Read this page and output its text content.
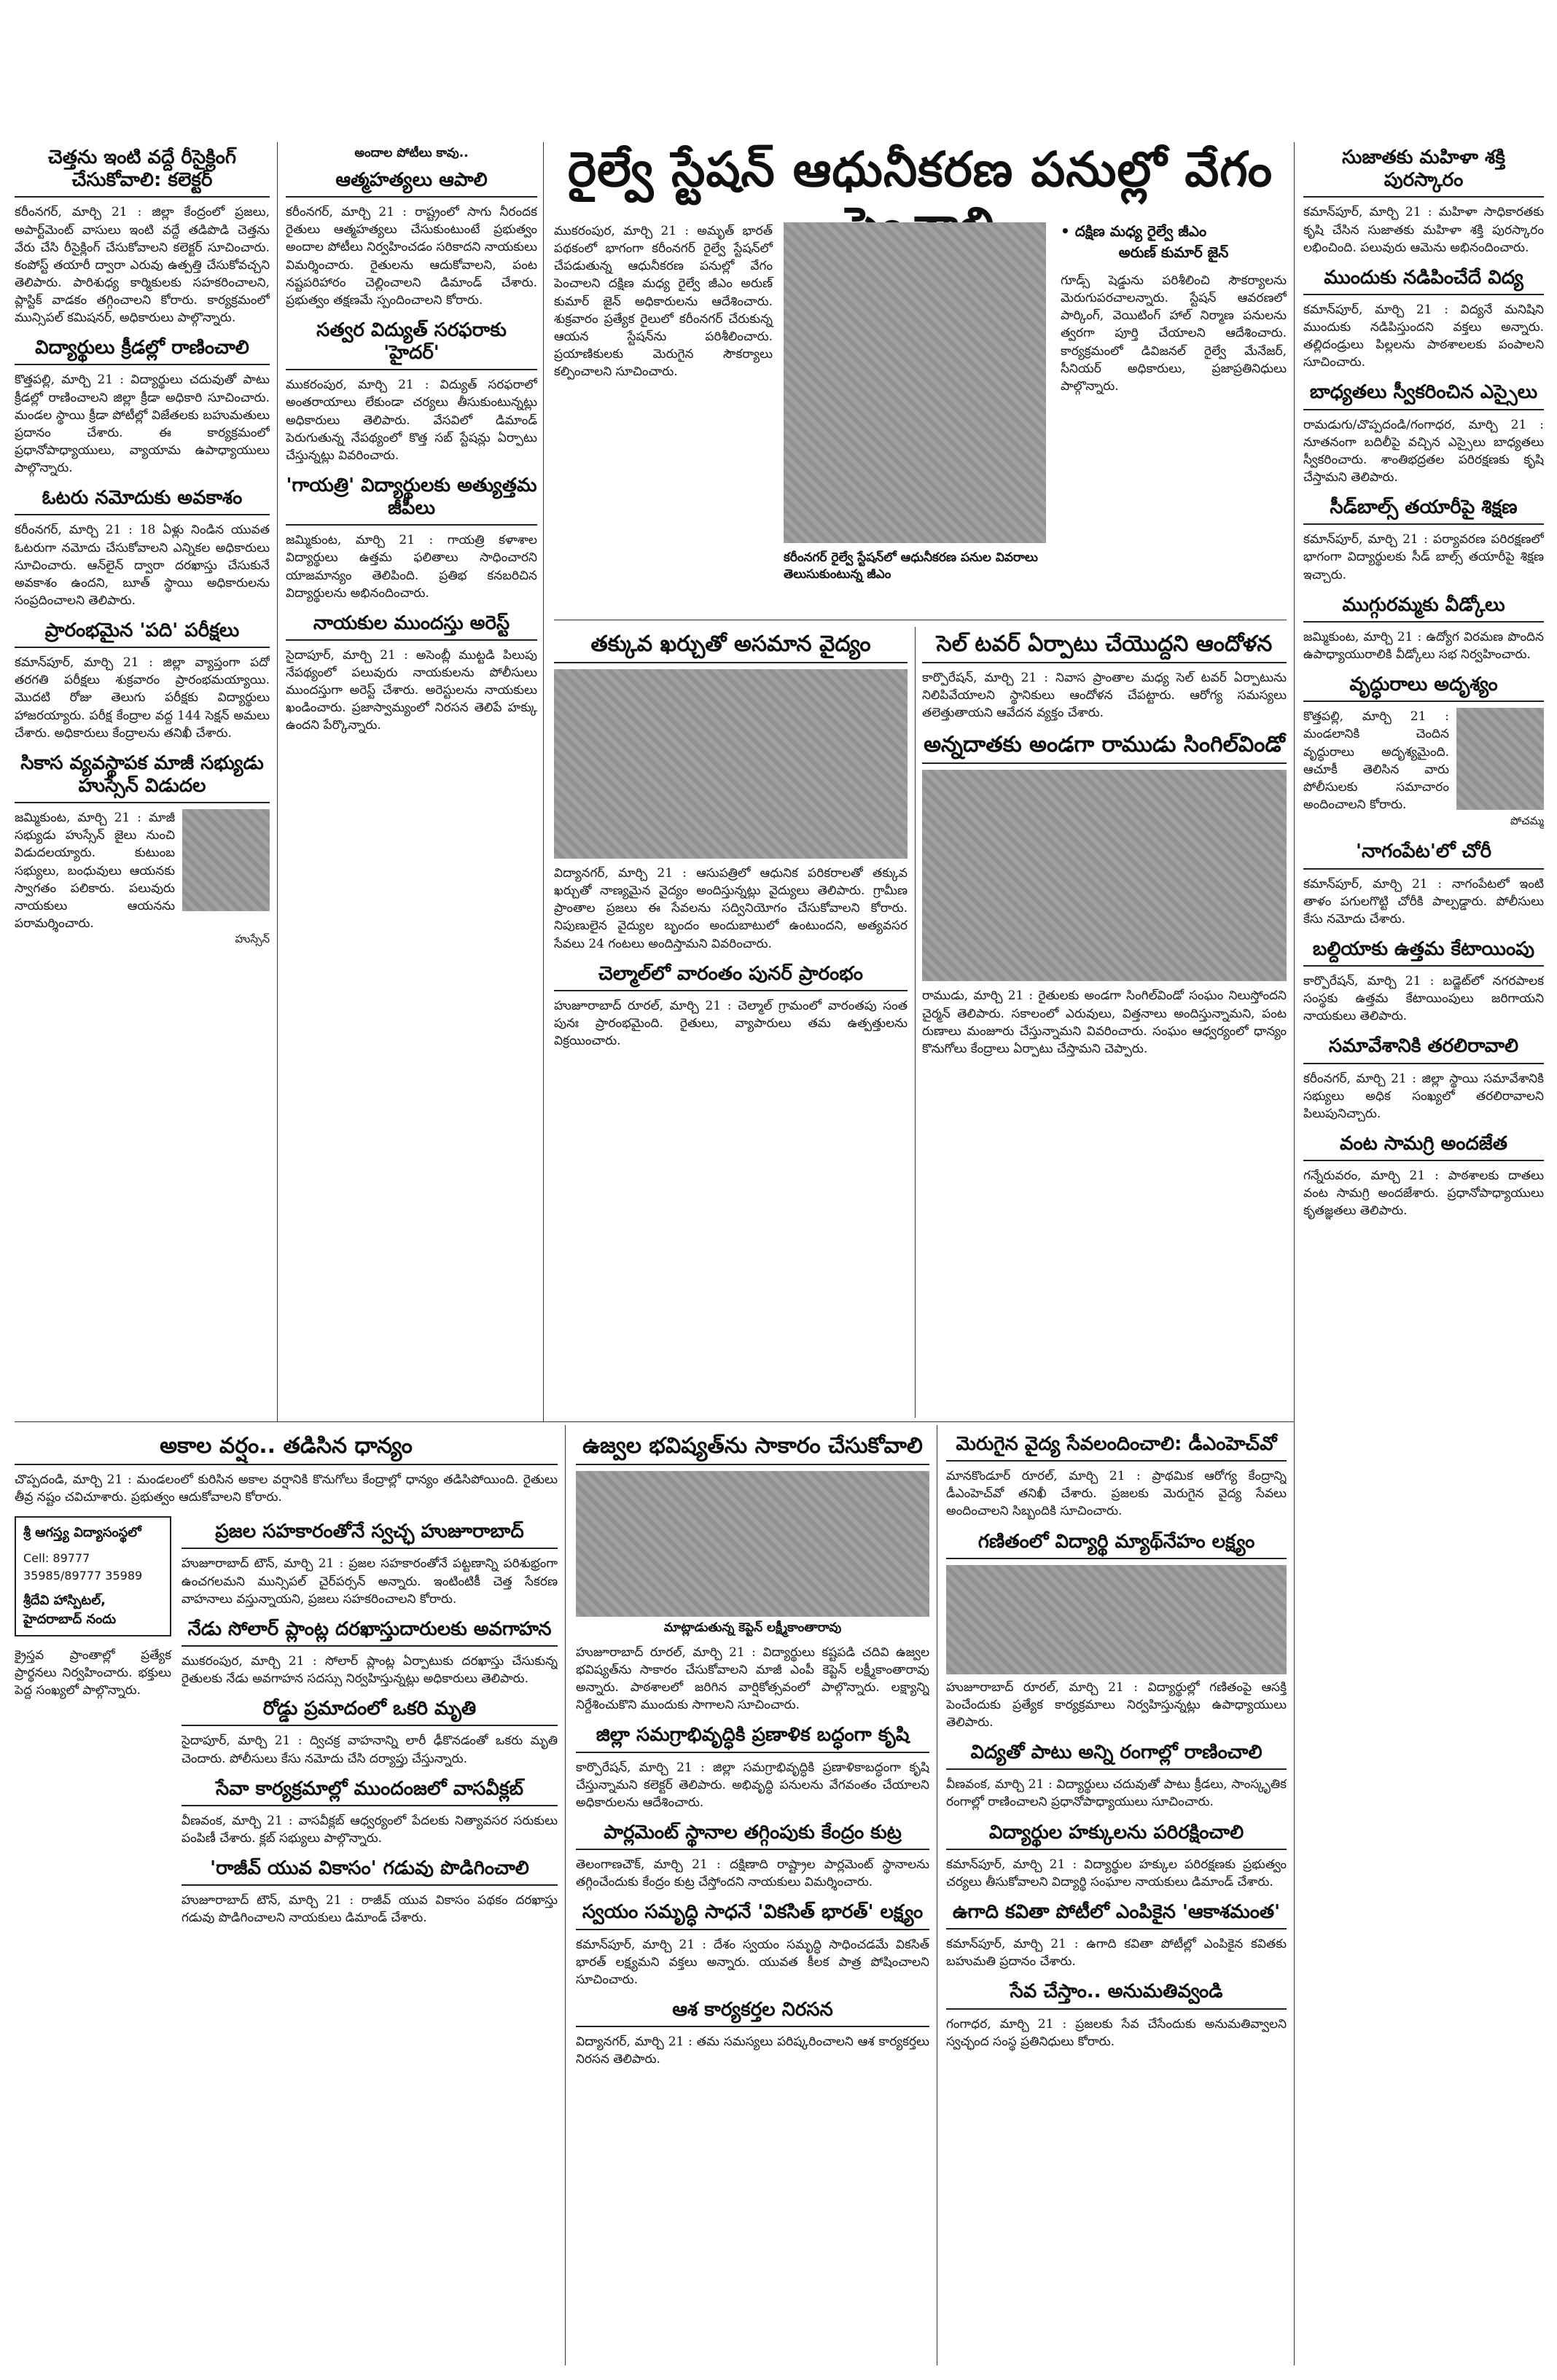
చెత్తను ఇంటి వద్దే రీసైక్లింగ్ చేసుకోవాలి: కలెక్టర్
కరీంనగర్, మార్చి 21 : జిల్లా కేంద్రంలో ప్రజలు, అపార్ట్‌మెంట్ వాసులు ఇంటి వద్దే తడిపొడి చెత్తను వేరు చేసి రీసైక్లింగ్ చేసుకోవాలని కలెక్టర్ సూచించారు. కంపోస్ట్ తయారీ ద్వారా ఎరువు ఉత్పత్తి చేసుకోవచ్చని తెలిపారు. పారిశుధ్య కార్మికులకు సహకరించాలని, ప్లాస్టిక్ వాడకం తగ్గించాలని కోరారు. కార్యక్రమంలో మున్సిపల్ కమిషనర్, అధికారులు పాల్గొన్నారు.
విద్యార్థులు క్రీడల్లో రాణించాలి
కొత్తపల్లి, మార్చి 21 : విద్యార్థులు చదువుతో పాటు క్రీడల్లో రాణించాలని జిల్లా క్రీడా అధికారి సూచించారు. మండల స్థాయి క్రీడా పోటీల్లో విజేతలకు బహుమతులు ప్రదానం చేశారు. ఈ కార్యక్రమంలో ప్రధానోపాధ్యాయులు, వ్యాయామ ఉపాధ్యాయులు పాల్గొన్నారు.
ఓటరు నమోదుకు అవకాశం
కరీంనగర్, మార్చి 21 : 18 ఏళ్లు నిండిన యువత ఓటరుగా నమోదు చేసుకోవాలని ఎన్నికల అధికారులు సూచించారు. ఆన్‌లైన్ ద్వారా దరఖాస్తు చేసుకునే అవకాశం ఉందని, బూత్ స్థాయి అధికారులను సంప్రదించాలని తెలిపారు.
ప్రారంభమైన 'పది' పరీక్షలు
కమాన్‌పూర్, మార్చి 21 : జిల్లా వ్యాప్తంగా పదో తరగతి పరీక్షలు శుక్రవారం ప్రారంభమయ్యాయి. మొదటి రోజు తెలుగు పరీక్షకు విద్యార్థులు హాజరయ్యారు. పరీక్ష కేంద్రాల వద్ద 144 సెక్షన్ అమలు చేశారు. అధికారులు కేంద్రాలను తనిఖీ చేశారు.
సికాస వ్యవస్థాపక మాజీ సభ్యుడు హుస్సేన్ విడుదల
జమ్మికుంట, మార్చి 21 : మాజీ సభ్యుడు హుస్సేన్ జైలు నుంచి విడుదలయ్యారు. కుటుంబ సభ్యులు, బంధువులు ఆయనకు స్వాగతం పలికారు. పలువురు నాయకులు ఆయనను పరామర్శించారు.
హుస్సేన్
అందాల పోటీలు కావు..
ఆత్మహత్యలు ఆపాలి
కరీంనగర్, మార్చి 21 : రాష్ట్రంలో సాగు నీరందక రైతులు ఆత్మహత్యలు చేసుకుంటుంటే ప్రభుత్వం అందాల పోటీలు నిర్వహించడం సరికాదని నాయకులు విమర్శించారు. రైతులను ఆదుకోవాలని, పంట నష్టపరిహారం చెల్లించాలని డిమాండ్ చేశారు. ప్రభుత్వం తక్షణమే స్పందించాలని కోరారు.
సత్వర విద్యుత్ సరఫరాకు 'హైదర్'
ముకరంపుర, మార్చి 21 : విద్యుత్ సరఫరాలో అంతరాయాలు లేకుండా చర్యలు తీసుకుంటున్నట్లు అధికారులు తెలిపారు. వేసవిలో డిమాండ్ పెరుగుతున్న నేపథ్యంలో కొత్త సబ్ స్టేషన్లు ఏర్పాటు చేస్తున్నట్లు వివరించారు.
'గాయత్రి' విద్యార్థులకు అత్యుత్తమ జీపీలు
జమ్మికుంట, మార్చి 21 : గాయత్రి కళాశాల విద్యార్థులు ఉత్తమ ఫలితాలు సాధించారని యాజమాన్యం తెలిపింది. ప్రతిభ కనబరిచిన విద్యార్థులను అభినందించారు.
నాయకుల ముందస్తు అరెస్ట్
సైదాపూర్, మార్చి 21 : అసెంబ్లీ ముట్టడి పిలుపు నేపథ్యంలో పలువురు నాయకులను పోలీసులు ముందస్తుగా అరెస్ట్ చేశారు. అరెస్టులను నాయకులు ఖండించారు. ప్రజాస్వామ్యంలో నిరసన తెలిపే హక్కు ఉందని పేర్కొన్నారు.
రైల్వే స్టేషన్ ఆధునీకరణ పనుల్లో వేగం
ముకరంపుర, మార్చి 21 : అమృత్ భారత్ పథకంలో భాగంగా కరీంనగర్ రైల్వే స్టేషన్‌లో చేపడుతున్న ఆధునీకరణ పనుల్లో వేగం పెంచాలని దక్షిణ మధ్య రైల్వే జీఎం అరుణ్ కుమార్ జైన్ అధికారులను ఆదేశించారు. శుక్రవారం ప్రత్యేక రైలులో కరీంనగర్ చేరుకున్న ఆయన స్టేషన్‌ను పరిశీలించారు. ప్రయాణికులకు మెరుగైన సౌకర్యాలు కల్పించాలని సూచించారు.
కరీంనగర్ రైల్వే స్టేషన్‌లో ఆధునీకరణ పనుల వివరాలు తెలుసుకుంటున్న జీఎం
• దక్షిణ మధ్య రైల్వే జీఎం
అరుణ్ కుమార్ జైన్
గూడ్స్ షెడ్డును పరిశీలించి సౌకర్యాలను మెరుగుపరచాలన్నారు. స్టేషన్ ఆవరణలో పార్కింగ్, వెయిటింగ్ హాల్ నిర్మాణ పనులను త్వరగా పూర్తి చేయాలని ఆదేశించారు. కార్యక్రమంలో డివిజనల్ రైల్వే మేనేజర్, సీనియర్ అధికారులు, ప్రజాప్రతినిధులు పాల్గొన్నారు.
తక్కువ ఖర్చుతో అసమాన వైద్యం
విద్యానగర్, మార్చి 21 : ఆసుపత్రిలో ఆధునిక పరికరాలతో తక్కువ ఖర్చుతో నాణ్యమైన వైద్యం అందిస్తున్నట్లు వైద్యులు తెలిపారు. గ్రామీణ ప్రాంతాల ప్రజలు ఈ సేవలను సద్వినియోగం చేసుకోవాలని కోరారు. నిపుణులైన వైద్యుల బృందం అందుబాటులో ఉంటుందని, అత్యవసర సేవలు 24 గంటలు అందిస్తామని వివరించారు.
చెల్మాల్‌లో వారంతం పునర్ ప్రారంభం
హుజూరాబాద్ రూరల్, మార్చి 21 : చెల్మాల్ గ్రామంలో వారంతపు సంత పునః ప్రారంభమైంది. రైతులు, వ్యాపారులు తమ ఉత్పత్తులను విక్రయించారు.
సెల్ టవర్ ఏర్పాటు చేయొద్దని ఆందోళన
కార్పొరేషన్, మార్చి 21 : నివాస ప్రాంతాల మధ్య సెల్ టవర్ ఏర్పాటును నిలిపివేయాలని స్థానికులు ఆందోళన చేపట్టారు. ఆరోగ్య సమస్యలు తలెత్తుతాయని ఆవేదన వ్యక్తం చేశారు.
అన్నదాతకు అండగా రాముడు సింగిల్‌విండో
రాముడు, మార్చి 21 : రైతులకు అండగా సింగిల్‌విండో సంఘం నిలుస్తోందని చైర్మన్ తెలిపారు. సకాలంలో ఎరువులు, విత్తనాలు అందిస్తున్నామని, పంట రుణాలు మంజూరు చేస్తున్నామని వివరించారు. సంఘం ఆధ్వర్యంలో ధాన్యం కొనుగోలు కేంద్రాలు ఏర్పాటు చేస్తామని చెప్పారు.
అకాల వర్షం.. తడిసిన ధాన్యం
చొప్పదండి, మార్చి 21 : మండలంలో కురిసిన అకాల వర్షానికి కొనుగోలు కేంద్రాల్లో ధాన్యం తడిసిపోయింది. రైతులు తీవ్ర నష్టం చవిచూశారు. ప్రభుత్వం ఆదుకోవాలని కోరారు.
శ్రీ ఆగస్త్య విద్యాసంస్థలో
Cell: 89777 35985/89777 35989
శ్రీదేవి హాస్పిటల్, హైదరాబాద్ నందు
క్రైస్తవ ప్రాంతాల్లో ప్రత్యేక ప్రార్థనలు నిర్వహించారు. భక్తులు పెద్ద సంఖ్యలో పాల్గొన్నారు.
ప్రజల సహకారంతోనే స్వచ్ఛ హుజూరాబాద్
హుజూరాబాద్ టౌన్, మార్చి 21 : ప్రజల సహకారంతోనే పట్టణాన్ని పరిశుభ్రంగా ఉంచగలమని మున్సిపల్ చైర్‌పర్సన్ అన్నారు. ఇంటింటికీ చెత్త సేకరణ వాహనాలు వస్తున్నాయని, ప్రజలు సహకరించాలని కోరారు.
నేడు సోలార్ ప్లాంట్ల దరఖాస్తుదారులకు అవగాహన
ముకరంపుర, మార్చి 21 : సోలార్ ప్లాంట్ల ఏర్పాటుకు దరఖాస్తు చేసుకున్న రైతులకు నేడు అవగాహన సదస్సు నిర్వహిస్తున్నట్లు అధికారులు తెలిపారు.
రోడ్డు ప్రమాదంలో ఒకరి మృతి
సైదాపూర్, మార్చి 21 : ద్విచక్ర వాహనాన్ని లారీ ఢీకొనడంతో ఒకరు మృతి చెందారు. పోలీసులు కేసు నమోదు చేసి దర్యాప్తు చేస్తున్నారు.
సేవా కార్యక్రమాల్లో ముందంజలో వాసవీక్లబ్
వీణవంక, మార్చి 21 : వాసవీక్లబ్ ఆధ్వర్యంలో పేదలకు నిత్యావసర సరుకులు పంపిణీ చేశారు. క్లబ్ సభ్యులు పాల్గొన్నారు.
'రాజీవ్ యువ వికాసం' గడువు పొడిగించాలి
హుజూరాబాద్ టౌన్, మార్చి 21 : రాజీవ్ యువ వికాసం పథకం దరఖాస్తు గడువు పొడిగించాలని నాయకులు డిమాండ్ చేశారు.
ఉజ్వల భవిష్యత్‌ను సాకారం చేసుకోవాలి
మాట్లాడుతున్న కెప్టెన్ లక్ష్మీకాంతారావు
హుజూరాబాద్ రూరల్, మార్చి 21 : విద్యార్థులు కష్టపడి చదివి ఉజ్వల భవిష్యత్‌ను సాకారం చేసుకోవాలని మాజీ ఎంపీ కెప్టెన్ లక్ష్మీకాంతారావు అన్నారు. పాఠశాలలో జరిగిన వార్షికోత్సవంలో పాల్గొన్నారు. లక్ష్యాన్ని నిర్దేశించుకొని ముందుకు సాగాలని సూచించారు.
జిల్లా సమగ్రాభివృద్ధికి ప్రణాళిక బద్ధంగా కృషి
కార్పొరేషన్, మార్చి 21 : జిల్లా సమగ్రాభివృద్ధికి ప్రణాళికాబద్ధంగా కృషి చేస్తున్నామని కలెక్టర్ తెలిపారు. అభివృద్ధి పనులను వేగవంతం చేయాలని అధికారులను ఆదేశించారు.
పార్లమెంట్ స్థానాల తగ్గింపుకు కేంద్రం కుట్ర
తెలంగాణచౌక్, మార్చి 21 : దక్షిణాది రాష్ట్రాల పార్లమెంట్ స్థానాలను తగ్గించేందుకు కేంద్రం కుట్ర చేస్తోందని నాయకులు విమర్శించారు.
స్వయం సమృద్ధి సాధనే 'వికసిత్ భారత్' లక్ష్యం
కమాన్‌పూర్, మార్చి 21 : దేశం స్వయం సమృద్ధి సాధించడమే వికసిత్ భారత్ లక్ష్యమని వక్తలు అన్నారు. యువత కీలక పాత్ర పోషించాలని సూచించారు.
ఆశ కార్యకర్తల నిరసన
విద్యానగర్, మార్చి 21 : తమ సమస్యలు పరిష్కరించాలని ఆశ కార్యకర్తలు నిరసన తెలిపారు.
మెరుగైన వైద్య సేవలందించాలి: డీఎంహెచ్‌వో
మానకొండూర్ రూరల్, మార్చి 21 : ప్రాథమిక ఆరోగ్య కేంద్రాన్ని డీఎంహెచ్‌వో తనిఖీ చేశారు. ప్రజలకు మెరుగైన వైద్య సేవలు అందించాలని సిబ్బందికి సూచించారు.
గణితంలో విద్యార్థి మ్యాథ్‌నేహం లక్ష్యం
హుజూరాబాద్ రూరల్, మార్చి 21 : విద్యార్థుల్లో గణితంపై ఆసక్తి పెంచేందుకు ప్రత్యేక కార్యక్రమాలు నిర్వహిస్తున్నట్లు ఉపాధ్యాయులు తెలిపారు.
విద్యతో పాటు అన్ని రంగాల్లో రాణించాలి
వీణవంక, మార్చి 21 : విద్యార్థులు చదువుతో పాటు క్రీడలు, సాంస్కృతిక రంగాల్లో రాణించాలని ప్రధానోపాధ్యాయులు సూచించారు.
విద్యార్థుల హక్కులను పరిరక్షించాలి
కమాన్‌పూర్, మార్చి 21 : విద్యార్థుల హక్కుల పరిరక్షణకు ప్రభుత్వం చర్యలు తీసుకోవాలని విద్యార్థి సంఘాల నాయకులు డిమాండ్ చేశారు.
ఉగాది కవితా పోటీలో ఎంపికైన 'ఆకాశమంత'
కమాన్‌పూర్, మార్చి 21 : ఉగాది కవితా పోటీల్లో ఎంపికైన కవితకు బహుమతి ప్రదానం చేశారు.
సేవ చేస్తాం.. అనుమతివ్వండి
గంగాధర, మార్చి 21 : ప్రజలకు సేవ చేసేందుకు అనుమతివ్వాలని స్వచ్ఛంద సంస్థ ప్రతినిధులు కోరారు.
సుజాతకు మహిళా శక్తి పురస్కారం
కమాన్‌పూర్, మార్చి 21 : మహిళా సాధికారతకు కృషి చేసిన సుజాతకు మహిళా శక్తి పురస్కారం లభించింది. పలువురు ఆమెను అభినందించారు.
ముందుకు నడిపించేదే విద్య
కమాన్‌పూర్, మార్చి 21 : విద్యనే మనిషిని ముందుకు నడిపిస్తుందని వక్తలు అన్నారు. తల్లిదండ్రులు పిల్లలను పాఠశాలలకు పంపాలని సూచించారు.
బాధ్యతలు స్వీకరించిన ఎస్సైలు
రామడుగు/చొప్పదండి/గంగాధర, మార్చి 21 : నూతనంగా బదిలీపై వచ్చిన ఎస్సైలు బాధ్యతలు స్వీకరించారు. శాంతిభద్రతల పరిరక్షణకు కృషి చేస్తామని తెలిపారు.
సీడ్‌బాల్స్ తయారీపై శిక్షణ
కమాన్‌పూర్, మార్చి 21 : పర్యావరణ పరిరక్షణలో భాగంగా విద్యార్థులకు సీడ్ బాల్స్ తయారీపై శిక్షణ ఇచ్చారు.
ముగ్గురమ్మకు వీడ్కోలు
జమ్మికుంట, మార్చి 21 : ఉద్యోగ విరమణ పొందిన ఉపాధ్యాయురాలికి వీడ్కోలు సభ నిర్వహించారు.
వృద్ధురాలు అదృశ్యం
కొత్తపల్లి, మార్చి 21 : మండలానికి చెందిన వృద్ధురాలు అదృశ్యమైంది. ఆచూకీ తెలిసిన వారు పోలీసులకు సమాచారం అందించాలని కోరారు.
పోచమ్మ
'నాగంపేట'లో చోరీ
కమాన్‌పూర్, మార్చి 21 : నాగంపేటలో ఇంటి తాళం పగులగొట్టి చోరీకి పాల్పడ్డారు. పోలీసులు కేసు నమోదు చేశారు.
బల్దియాకు ఉత్తమ కేటాయింపు
కార్పొరేషన్, మార్చి 21 : బడ్జెట్‌లో నగరపాలక సంస్థకు ఉత్తమ కేటాయింపులు జరిగాయని నాయకులు తెలిపారు.
సమావేశానికి తరలిరావాలి
కరీంనగర్, మార్చి 21 : జిల్లా స్థాయి సమావేశానికి సభ్యులు అధిక సంఖ్యలో తరలిరావాలని పిలుపునిచ్చారు.
వంట సామగ్రి అందజేత
గన్నేరువరం, మార్చి 21 : పాఠశాలకు దాతలు వంట సామగ్రి అందజేశారు. ప్రధానోపాధ్యాయులు కృతజ్ఞతలు తెలిపారు.
